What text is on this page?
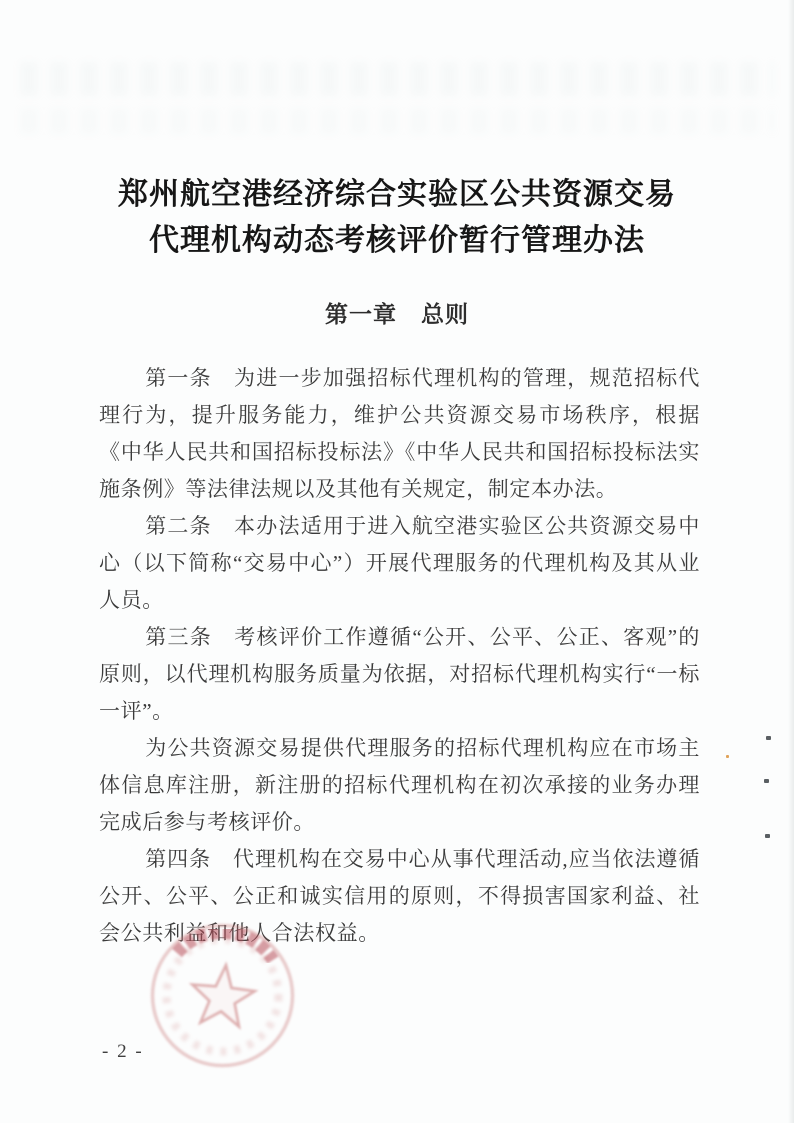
郑州航空港经济综合实验区公共资源交易
代理机构动态考核评价暂行管理办法
第一章　总则

第一条　为进一步加强招标代理机构的管理，规范招标代理行为，提升服务能力，维护公共资源交易市场秩序，根据《中华人民共和国招标投标法》《中华人民共和国招标投标法实施条例》等法律法规以及其他有关规定，制定本办法。

第二条　本办法适用于进入航空港实验区公共资源交易中心（以下简称“交易中心”）开展代理服务的代理机构及其从业人员。

第三条　考核评价工作遵循“公开、公平、公正、客观”的原则，以代理机构服务质量为依据，对招标代理机构实行“一标一评”。

为公共资源交易提供代理服务的招标代理机构应在市场主体信息库注册，新注册的招标代理机构在初次承接的业务办理完成后参与考核评价。

第四条　代理机构在交易中心从事代理活动,应当依法遵循公开、公平、公正和诚实信用的原则，不得损害国家利益、社会公共利益和他人合法权益。

- 2 -
